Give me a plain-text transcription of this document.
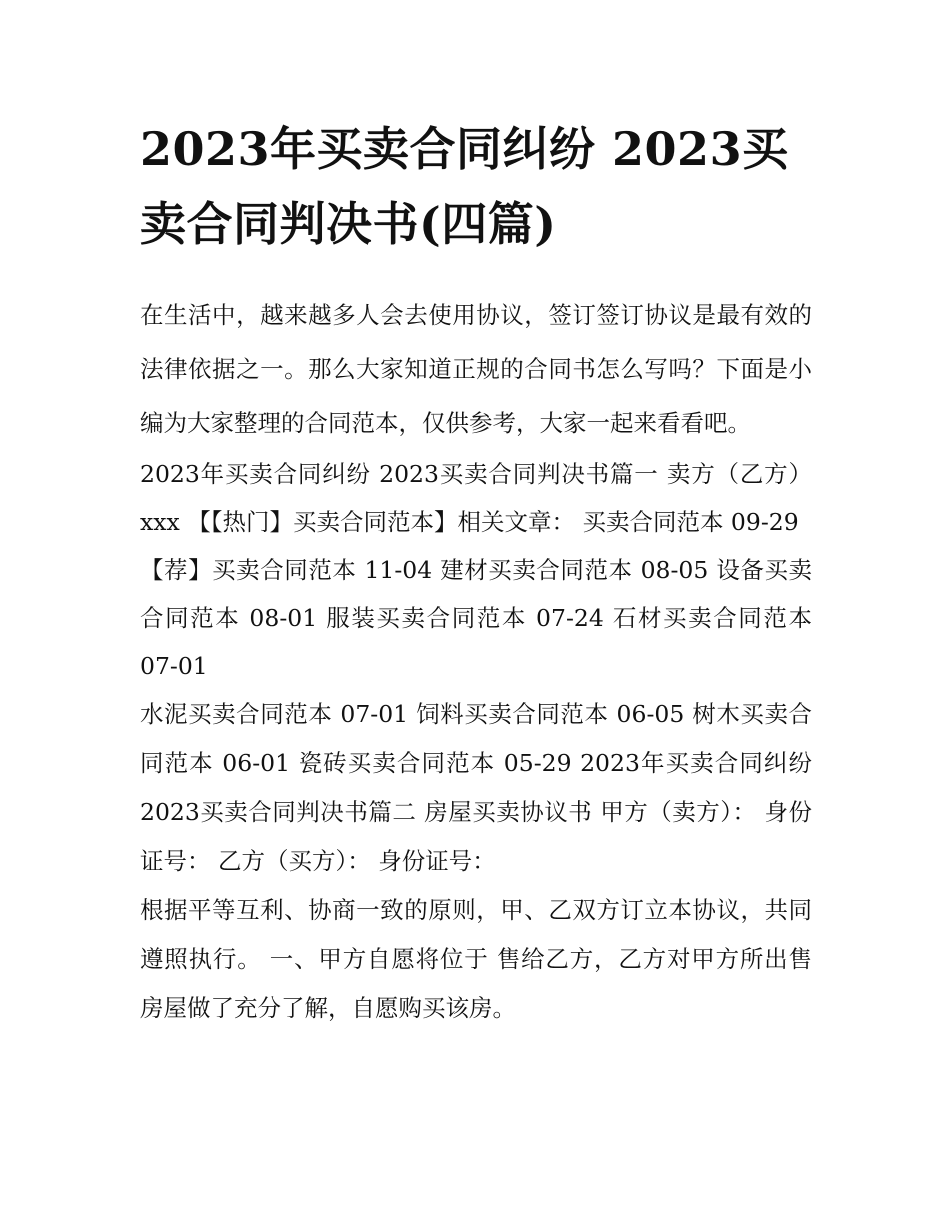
2023年买卖合同纠纷 2023买卖合同判决书(四篇)

在生活中，越来越多人会去使用协议，签订签订协议是最有效的法律依据之一。那么大家知道正规的合同书怎么写吗？下面是小编为大家整理的合同范本，仅供参考，大家一起来看看吧。

2023年买卖合同纠纷 2023买卖合同判决书篇一 卖方（乙方）xxx 【【热门】买卖合同范本】相关文章： 买卖合同范本 09-29

【荐】买卖合同范本 11-04 建材买卖合同范本 08-05 设备买卖合同范本 08-01 服装买卖合同范本 07-24 石材买卖合同范本 07-01

水泥买卖合同范本 07-01 饲料买卖合同范本 06-05 树木买卖合同范本 06-01 瓷砖买卖合同范本 05-29 2023年买卖合同纠纷 2023买卖合同判决书篇二 房屋买卖协议书 甲方（卖方）： 身份证号： 乙方（买方）： 身份证号：

根据平等互利、协商一致的原则，甲、乙双方订立本协议，共同遵照执行。 一、甲方自愿将位于 售给乙方，乙方对甲方所出售房屋做了充分了解，自愿购买该房。
